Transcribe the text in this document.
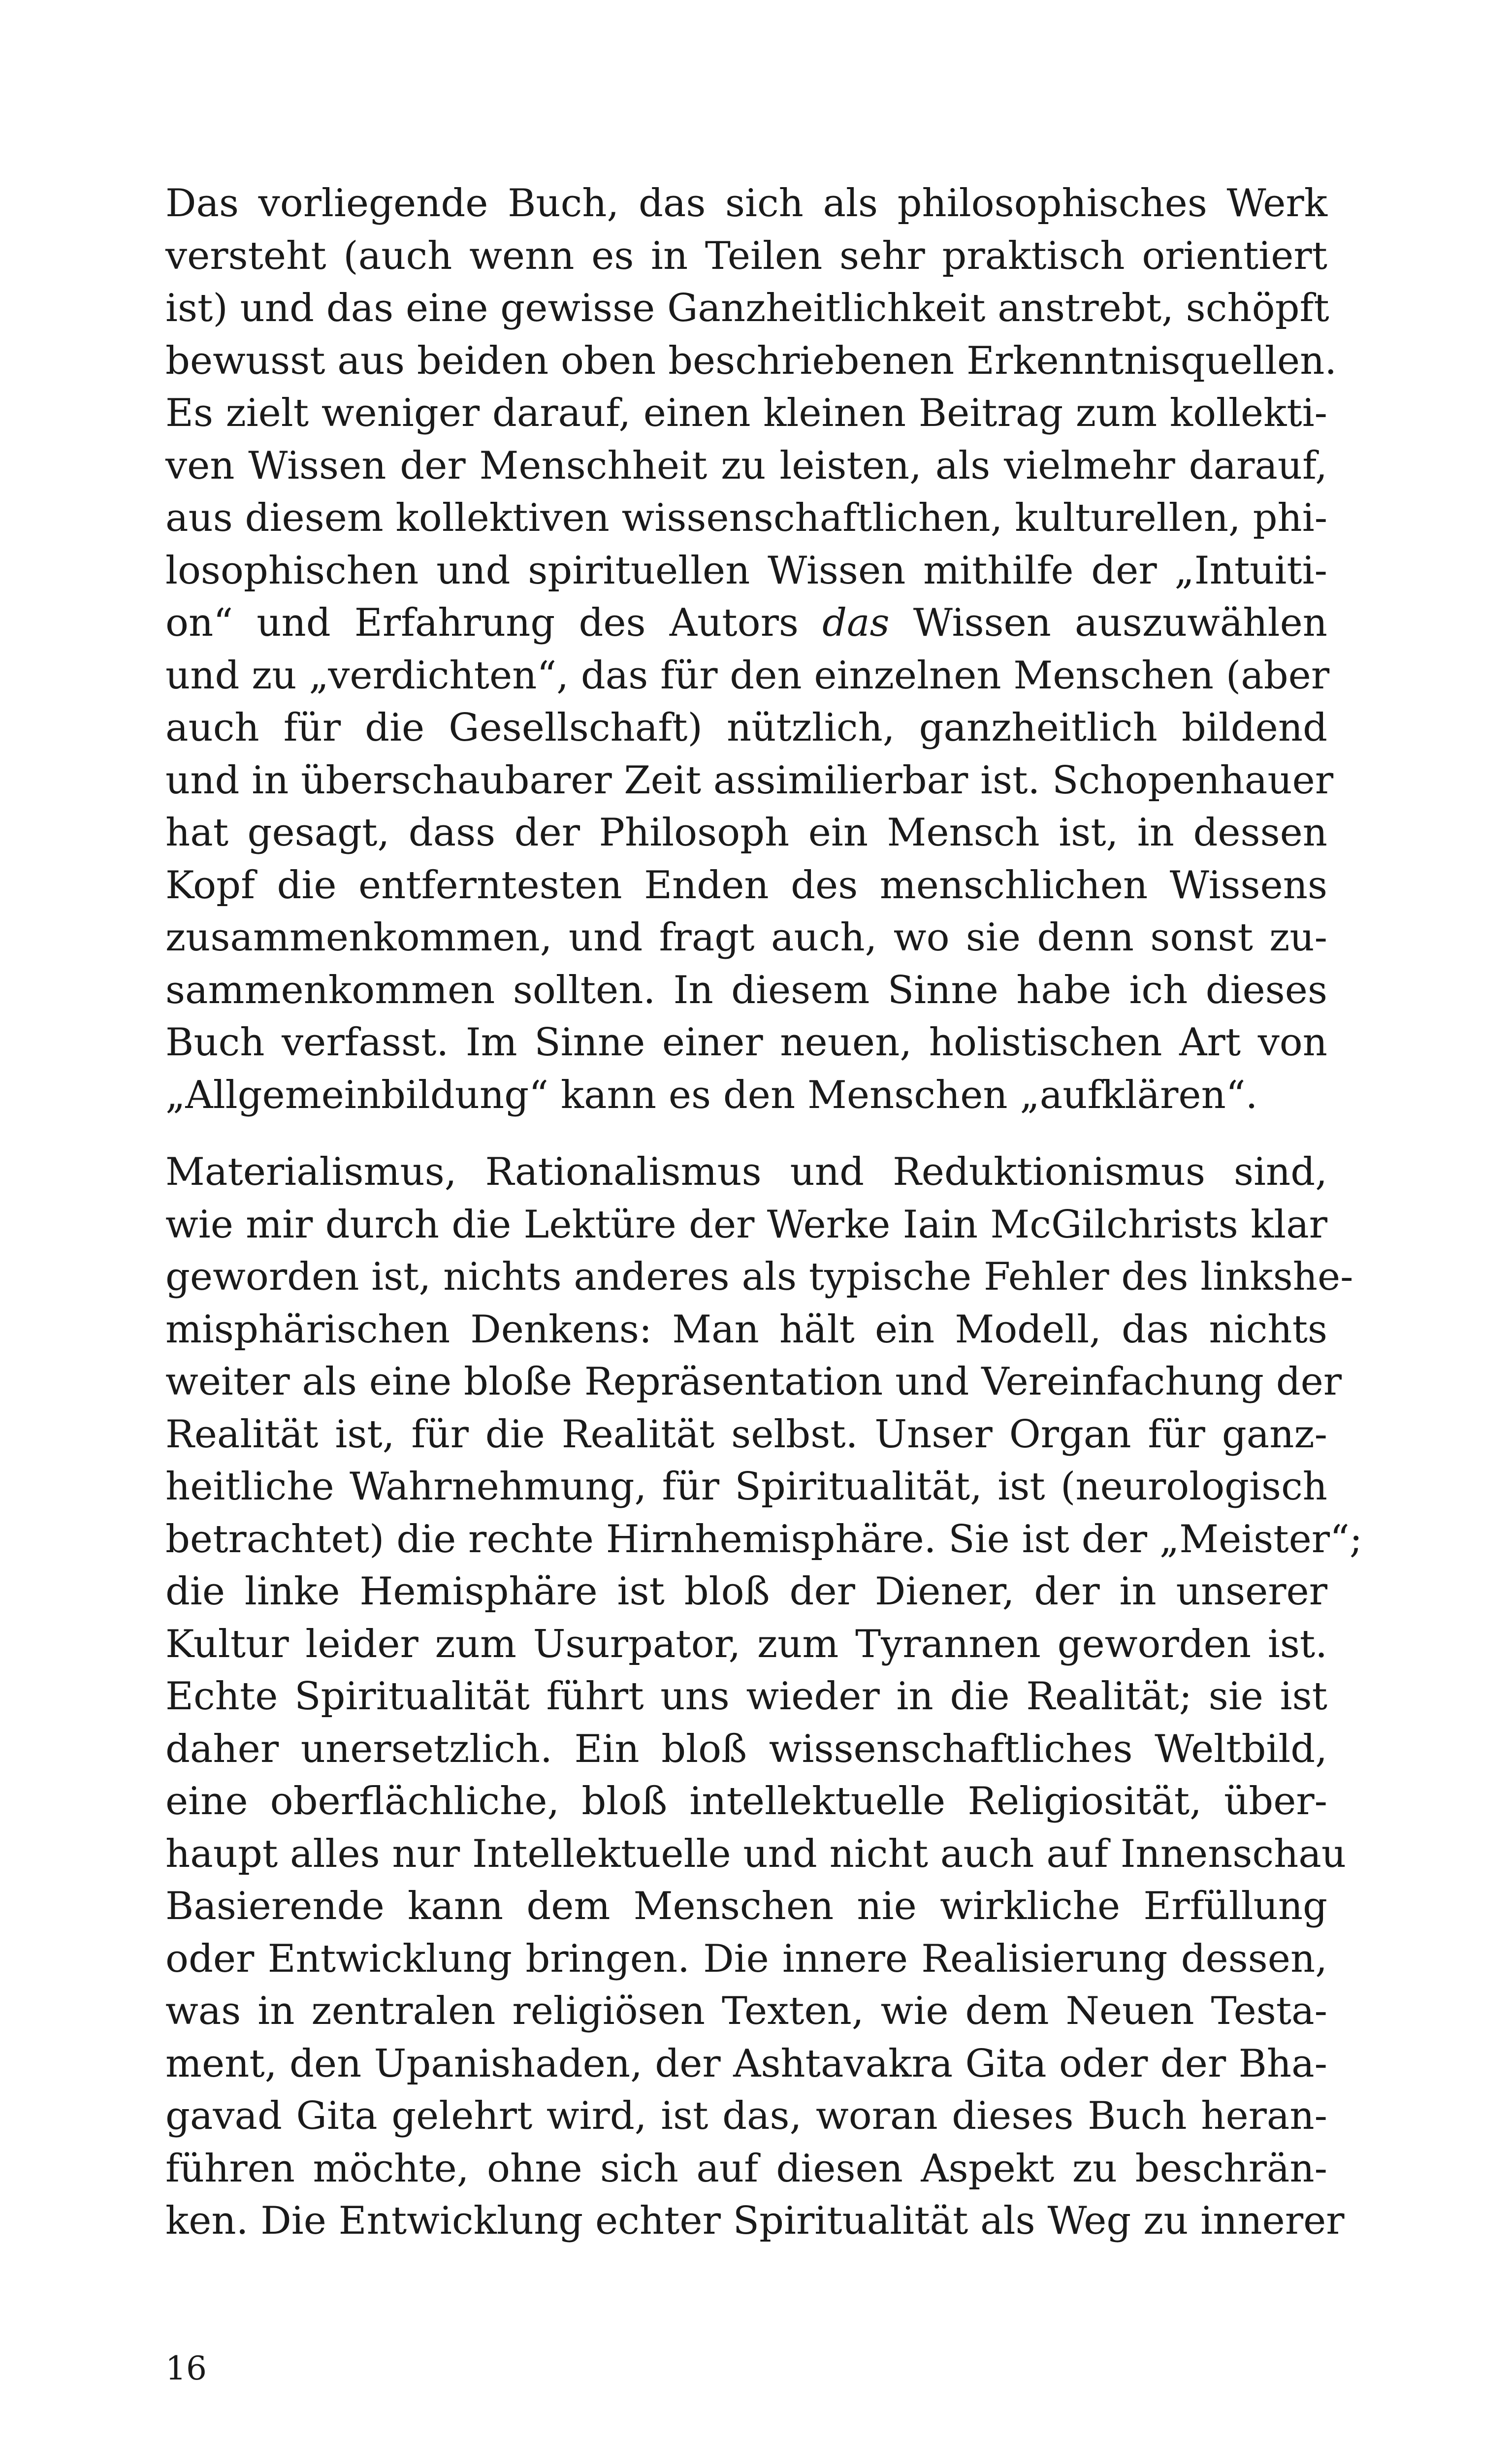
Das vorliegende Buch, das sich als philosophisches Werk
versteht (auch wenn es in Teilen sehr praktisch orientiert
ist) und das eine gewisse Ganzheitlichkeit anstrebt, schöpft
bewusst aus beiden oben beschriebenen Erkenntnisquellen.
Es zielt weniger darauf, einen kleinen Beitrag zum kollekti-
ven Wissen der Menschheit zu leisten, als vielmehr darauf,
aus diesem kollektiven wissenschaftlichen, kulturellen, phi-
losophischen und spirituellen Wissen mithilfe der „Intuiti-
on“ und Erfahrung des Autors das Wissen auszuwählen
und zu „verdichten“, das für den einzelnen Menschen (aber
auch für die Gesellschaft) nützlich, ganzheitlich bildend
und in überschaubarer Zeit assimilierbar ist. Schopenhauer
hat gesagt, dass der Philosoph ein Mensch ist, in dessen
Kopf die entferntesten Enden des menschlichen Wissens
zusammenkommen, und fragt auch, wo sie denn sonst zu-
sammenkommen sollten. In diesem Sinne habe ich dieses
Buch verfasst. Im Sinne einer neuen, holistischen Art von
„Allgemeinbildung“ kann es den Menschen „aufklären“.
Materialismus, Rationalismus und Reduktionismus sind,
wie mir durch die Lektüre der Werke Iain McGilchrists klar
geworden ist, nichts anderes als typische Fehler des linkshe-
misphärischen Denkens: Man hält ein Modell, das nichts
weiter als eine bloße Repräsentation und Vereinfachung der
Realität ist, für die Realität selbst. Unser Organ für ganz-
heitliche Wahrnehmung, für Spiritualität, ist (neurologisch
betrachtet) die rechte Hirnhemisphäre. Sie ist der „Meister“;
die linke Hemisphäre ist bloß der Diener, der in unserer
Kultur leider zum Usurpator, zum Tyrannen geworden ist.
Echte Spiritualität führt uns wieder in die Realität; sie ist
daher unersetzlich. Ein bloß wissenschaftliches Weltbild,
eine oberflächliche, bloß intellektuelle Religiosität, über-
haupt alles nur Intellektuelle und nicht auch auf Innenschau
Basierende kann dem Menschen nie wirkliche Erfüllung
oder Entwicklung bringen. Die innere Realisierung dessen,
was in zentralen religiösen Texten, wie dem Neuen Testa-
ment, den Upanishaden, der Ashtavakra Gita oder der Bha-
gavad Gita gelehrt wird, ist das, woran dieses Buch heran-
führen möchte, ohne sich auf diesen Aspekt zu beschrän-
ken. Die Entwicklung echter Spiritualität als Weg zu innerer
16
